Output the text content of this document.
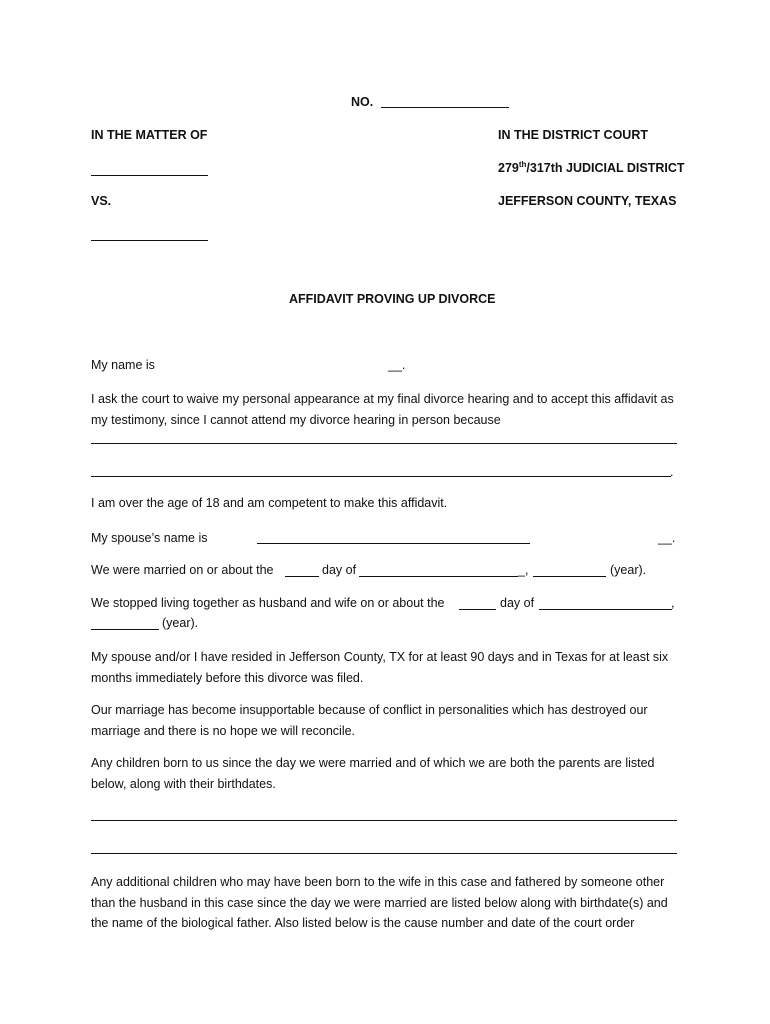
NO.
IN THE MATTER OF
VS.
IN THE DISTRICT COURT
279th/317th JUDICIAL DISTRICT
JEFFERSON COUNTY, TEXAS
AFFIDAVIT PROVING UP DIVORCE
My name is	__.
I ask the court to waive my personal appearance at my final divorce hearing and to accept this affidavit as my testimony, since I cannot attend my divorce hearing in person because
.
I am over the age of 18 and am competent to make this affidavit.
My spouse’s name is	__.
We were married on or about the	day of	_,	(year).
We stopped living together as husband and wife on or about the	day of	,
(year).
My spouse and/or I have resided in Jefferson County, TX for at least 90 days and in Texas for at least six months immediately before this divorce was filed.
Our marriage has become insupportable because of conflict in personalities which has destroyed our marriage and there is no hope we will reconcile.
Any children born to us since the day we were married and of which we are both the parents are listed below, along with their birthdates.
Any additional children who may have been born to the wife in this case and fathered by someone other than the husband in this case since the day we were married are listed below along with birthdate(s) and the name of the biological father. Also listed below is the cause number and date of the court order
